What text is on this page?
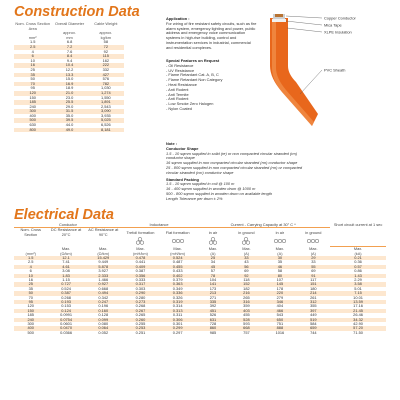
Construction Data
Nom. Cross Section Area	Overall Diameter	Cable Weight
	approx.	approx.
mm²	mm	kg/km
1.5	6.8	58
2.5	7.2	72
4	7.6	92
6	8.4	115
10	9.4	162
16	10.4	222
25	12.2	332
35	13.3	427
50	15.0	576
70	16.9	782
95	18.9	1,030
120	21.0	1,274
150	23.0	1,550
185	25.5	1,891
240	29.0	2,543
300	31.5	3,090
400	35.0	3,935
500	39.5	5,025
630	44.0	6,526
800	49.0	8,181
Application :
For wiring of fire resistant safety circuits, such as fire alarm system, emergency lighting and power, public address and emergency voice communication systems in high-rise building, control and instrumentation services in industrial, commercial and residential complexes.
Special Features on Request
- Oil Resistance
- UV Resistance
- Flame Retardant Cat. A, B, C
- Flame Retardant Non Category
- Heat Resistance
- Anti Rodent
- Anti Termite
- Anti Rodent
- Low Smoke Zero Halogen
- Nylon Coated
Copper Conductor
Mica Tape
XLPE Insulation
PVC Sheath
Note :
Conductor Shape
1.5 - 10 sqmm supplied in solid (re) or non compacted circular stranded (rm)
conductor shape
16 sqmm supplied in non compacted circular stranded (rm) conductor shape
25 - 800 sqmm supplied in non compacted circular stranded (rm) or compacted
circular stranded (cm) conductor shape
Standard Packing
1.5 - 10 sqmm supplied in coil @ 100 m
16 - 400 sqmm supplied in wooden drum @ 1000 m
500 - 800 sqmm supplied in wooden drum on available length
Length Tolerance per drum ± 2%
Electrical Data
Conductor			Inductance		Current - Carrying Capacity at 30° C *				Short circuit current at 1 sec
Nom. Cross Section	DC Resistance at 20°C	AC Resistance at 90°C	Trefoil formation	Flat formation	in air	in ground	in air	in ground	

	Max.	Max.	Max.	Max.	Max.	Max.	Max.	Max.	Max.
(mm²)	(Ω/km)	(Ω/km)	(mH/km)	(mH/km)	(A)	(A)	(A)	(A)	(kA)
1.5	12.1	15.429	0.478	0.524	25	33	30	29	0.21
2.5	7.41	9.449	0.441	0.487	34	43	35	33	0.36
4	4.61	5.878	0.409	0.455	45	56	46	55	0.57
6	3.08	3.927	0.387	0.433	57	69	58	69	0.86
10	1.83	2.333	0.356	0.402	78	92	80	91	1.43
16	1.15	1.466	0.333	0.379	104	118	107	117	2.29
25	0.727	0.927	0.317	0.363	141	152	145	151	3.58
35	0.524	0.668	0.303	0.349	173	182	178	180	5.01
50	0.387	0.494	0.290	0.336	213	216	220	214	7.15
70	0.268	0.342	0.280	0.326	271	265	279	261	10.01
95	0.193	0.247	0.273	0.319	335	316	346	312	13.59
120	0.153	0.196	0.268	0.314	392	359	404	355	17.16
150	0.124	0.160	0.267	0.313	451	403	466	397	21.45
185	0.0991	0.128	0.265	0.311	526	455	543	449	26.46
240	0.0754	0.099	0.260	0.306	631	528	650	519	34.32
300	0.0601	0.080	0.255	0.301	728	593	751	584	42.90
400	0.0470	0.064	0.253	0.299	860	668	888	659	57.20
500	0.0366	0.052	0.251	0.297	985	757	1016	744	71.50
